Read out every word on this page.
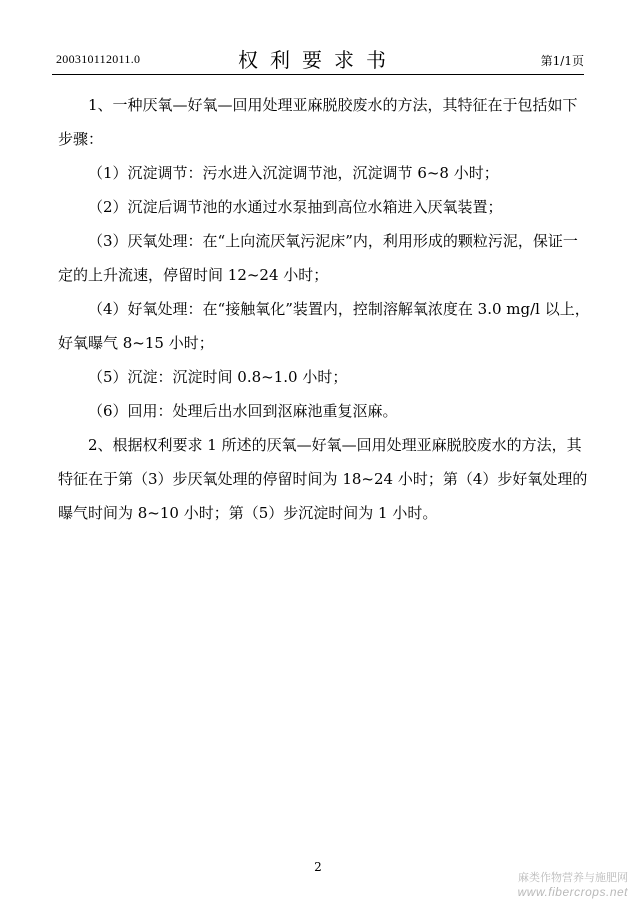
200310112011.0	权利要求书	第1/1页

1、一种厌氧—好氧—回用处理亚麻脱胶废水的方法，其特征在于包括如下步骤：

（1）沉淀调节：污水进入沉淀调节池，沉淀调节 6~8 小时；

（2）沉淀后调节池的水通过水泵抽到高位水箱进入厌氧装置；

（3）厌氧处理：在“上向流厌氧污泥床”内，利用形成的颗粒污泥，保证一定的上升流速，停留时间 12~24 小时；

（4）好氧处理：在“接触氧化”装置内，控制溶解氧浓度在 3.0 mg/l 以上，好氧曝气 8~15 小时；

（5）沉淀：沉淀时间 0.8~1.0 小时；

（6）回用：处理后出水回到沤麻池重复沤麻。

2、根据权利要求 1 所述的厌氧—好氧—回用处理亚麻脱胶废水的方法，其特征在于第（3）步厌氧处理的停留时间为 18~24 小时；第（4）步好氧处理的曝气时间为 8~10 小时；第（5）步沉淀时间为 1 小时。

2
麻类作物营养与施肥网
www.fibercrops.net
